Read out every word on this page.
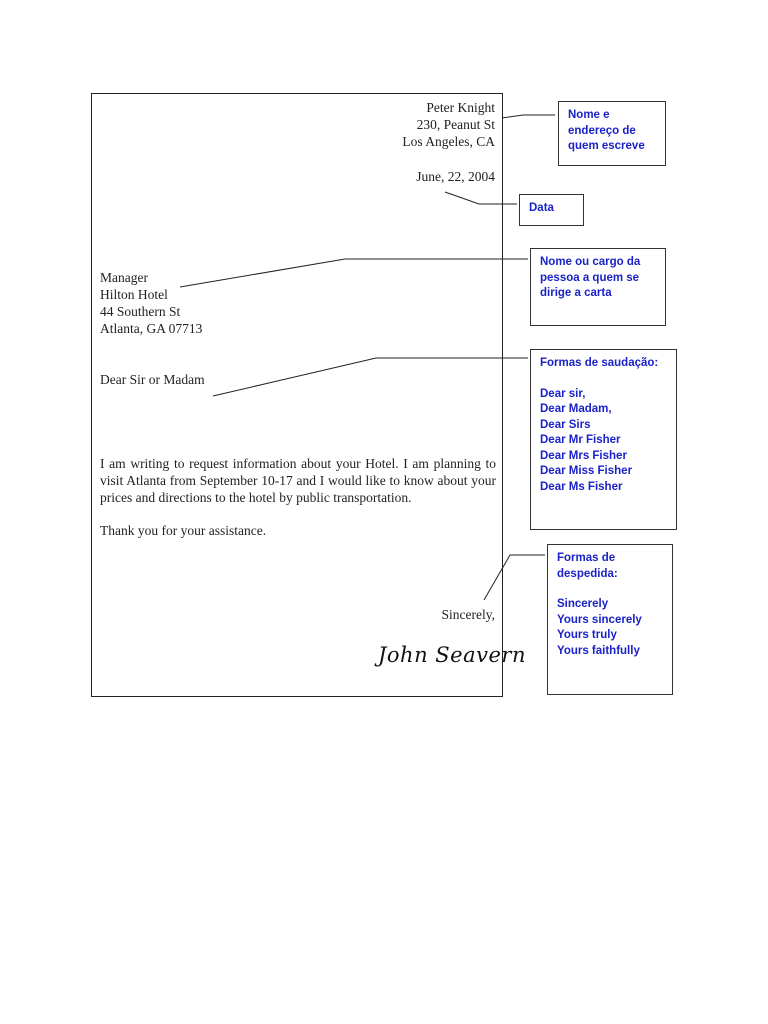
Peter Knight
230, Peanut St
Los Angeles, CA
June, 22, 2004
Manager
Hilton Hotel
44 Southern St
Atlanta, GA 07713
Dear Sir or Madam
I am writing to request information about your Hotel. I am planning to visit Atlanta from September 10-17 and I would like to know about your prices and directions to the hotel by public transportation.
Thank you for your assistance.
Sincerely,
John Seavern
Nome e
endereço de
quem escreve
Data
Nome ou cargo da
pessoa a quem se
dirige a carta
Formas de saudação:
Dear sir,
Dear Madam,
Dear Sirs
Dear Mr Fisher
Dear Mrs Fisher
Dear Miss Fisher
Dear Ms Fisher
Formas de
despedida:
Sincerely
Yours sincerely
Yours truly
Yours faithfully
